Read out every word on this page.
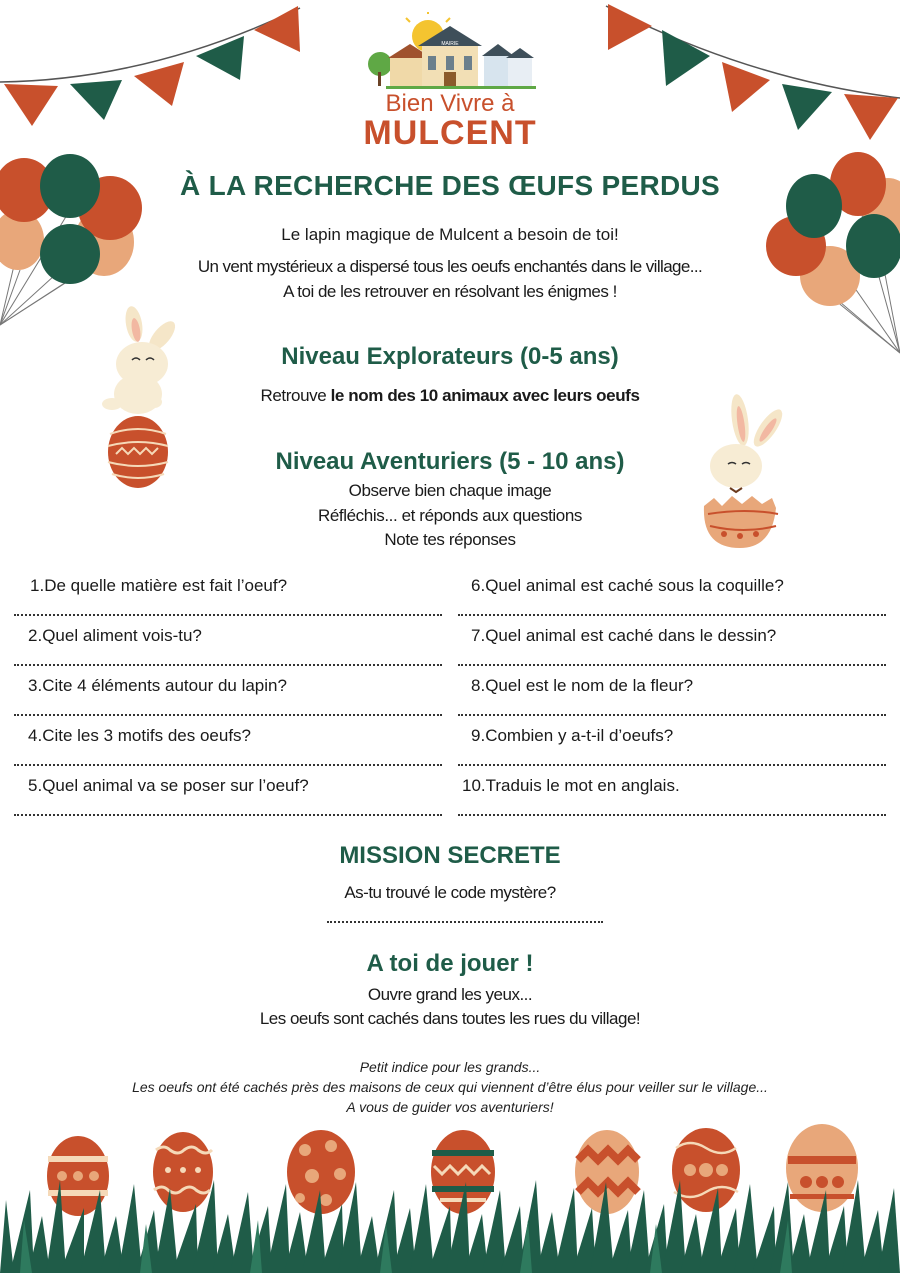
MAIRIE
Bien Vivre à
MULCENT
À LA RECHERCHE DES ŒUFS PERDUS
Le lapin magique de Mulcent a besoin de toi!
Un vent mystérieux a dispersé tous les oeufs enchantés dans le village...
A toi de les retrouver en résolvant les énigmes !
Niveau Explorateurs (0-5 ans)
Retrouve le nom des 10 animaux avec leurs oeufs
Niveau Aventuriers (5 - 10 ans)
Observe bien chaque image
Réfléchis... et réponds aux questions
Note tes réponses
1.De quelle matière est fait l’oeuf?
2.Quel aliment vois-tu?
3.Cite 4 éléments autour du lapin?
4.Cite les 3 motifs des oeufs?
5.Quel animal va se poser sur l’oeuf?
6.Quel animal est caché sous la coquille?
7.Quel animal est caché dans le dessin?
8.Quel est le nom de la fleur?
9.Combien y a-t-il d’oeufs?
10.Traduis le mot en anglais.
MISSION SECRETE
As-tu trouvé le code mystère?
A toi de jouer !
Ouvre grand les yeux...
Les oeufs sont cachés dans toutes les rues du village!
Petit indice pour les grands...
Les oeufs ont été cachés près des maisons de ceux qui viennent d’être élus pour veiller sur le village...
A vous de guider vos aventuriers!
